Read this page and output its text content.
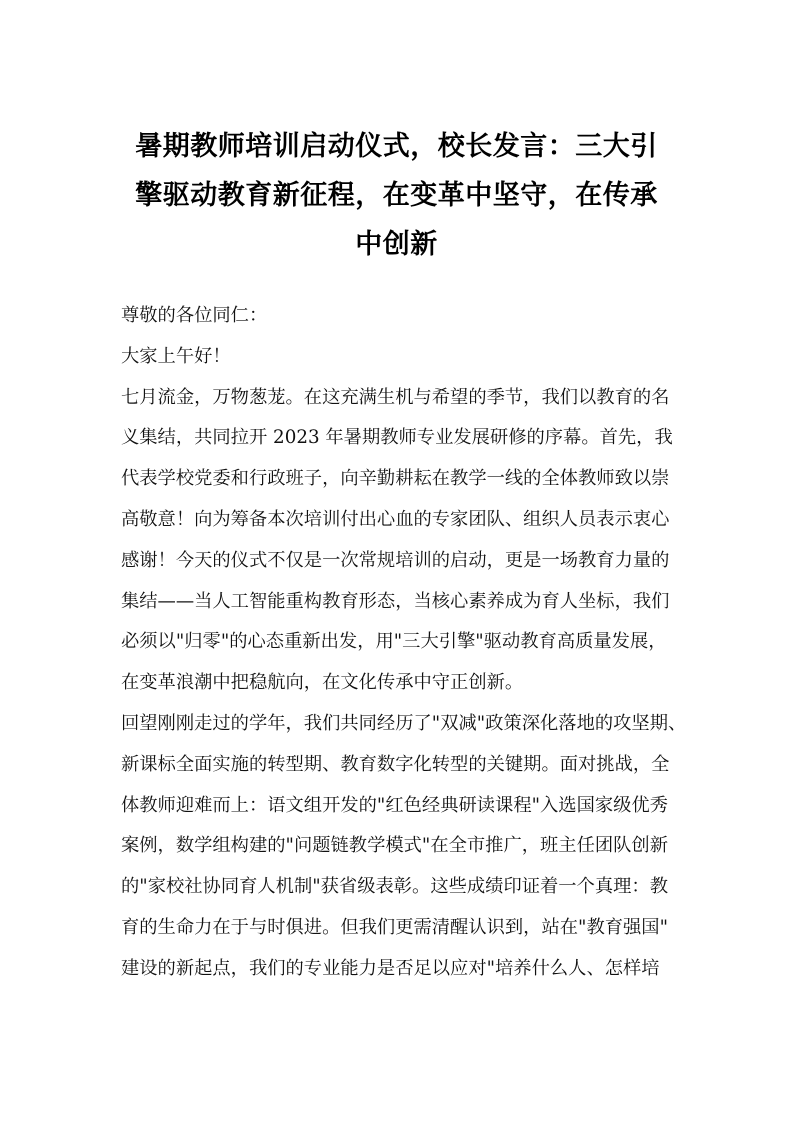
暑期教师培训启动仪式，校长发言：三大引
擎驱动教育新征程，在变革中坚守，在传承
中创新
尊敬的各位同仁：
大家上午好！
七月流金，万物葱茏。在这充满生机与希望的季节，我们以教育的名
义集结，共同拉开 2023 年暑期教师专业发展研修的序幕。首先，我
代表学校党委和行政班子，向辛勤耕耘在教学一线的全体教师致以崇
高敬意！向为筹备本次培训付出心血的专家团队、组织人员表示衷心
感谢！今天的仪式不仅是一次常规培训的启动，更是一场教育力量的
集结——当人工智能重构教育形态，当核心素养成为育人坐标，我们
必须以"归零"的心态重新出发，用"三大引擎"驱动教育高质量发展，
在变革浪潮中把稳航向，在文化传承中守正创新。
回望刚刚走过的学年，我们共同经历了"双减"政策深化落地的攻坚期、
新课标全面实施的转型期、教育数字化转型的关键期。面对挑战，全
体教师迎难而上：语文组开发的"红色经典研读课程"入选国家级优秀
案例，数学组构建的"问题链教学模式"在全市推广，班主任团队创新
的"家校社协同育人机制"获省级表彰。这些成绩印证着一个真理：教
育的生命力在于与时俱进。但我们更需清醒认识到，站在"教育强国"
建设的新起点，我们的专业能力是否足以应对"培养什么人、怎样培
